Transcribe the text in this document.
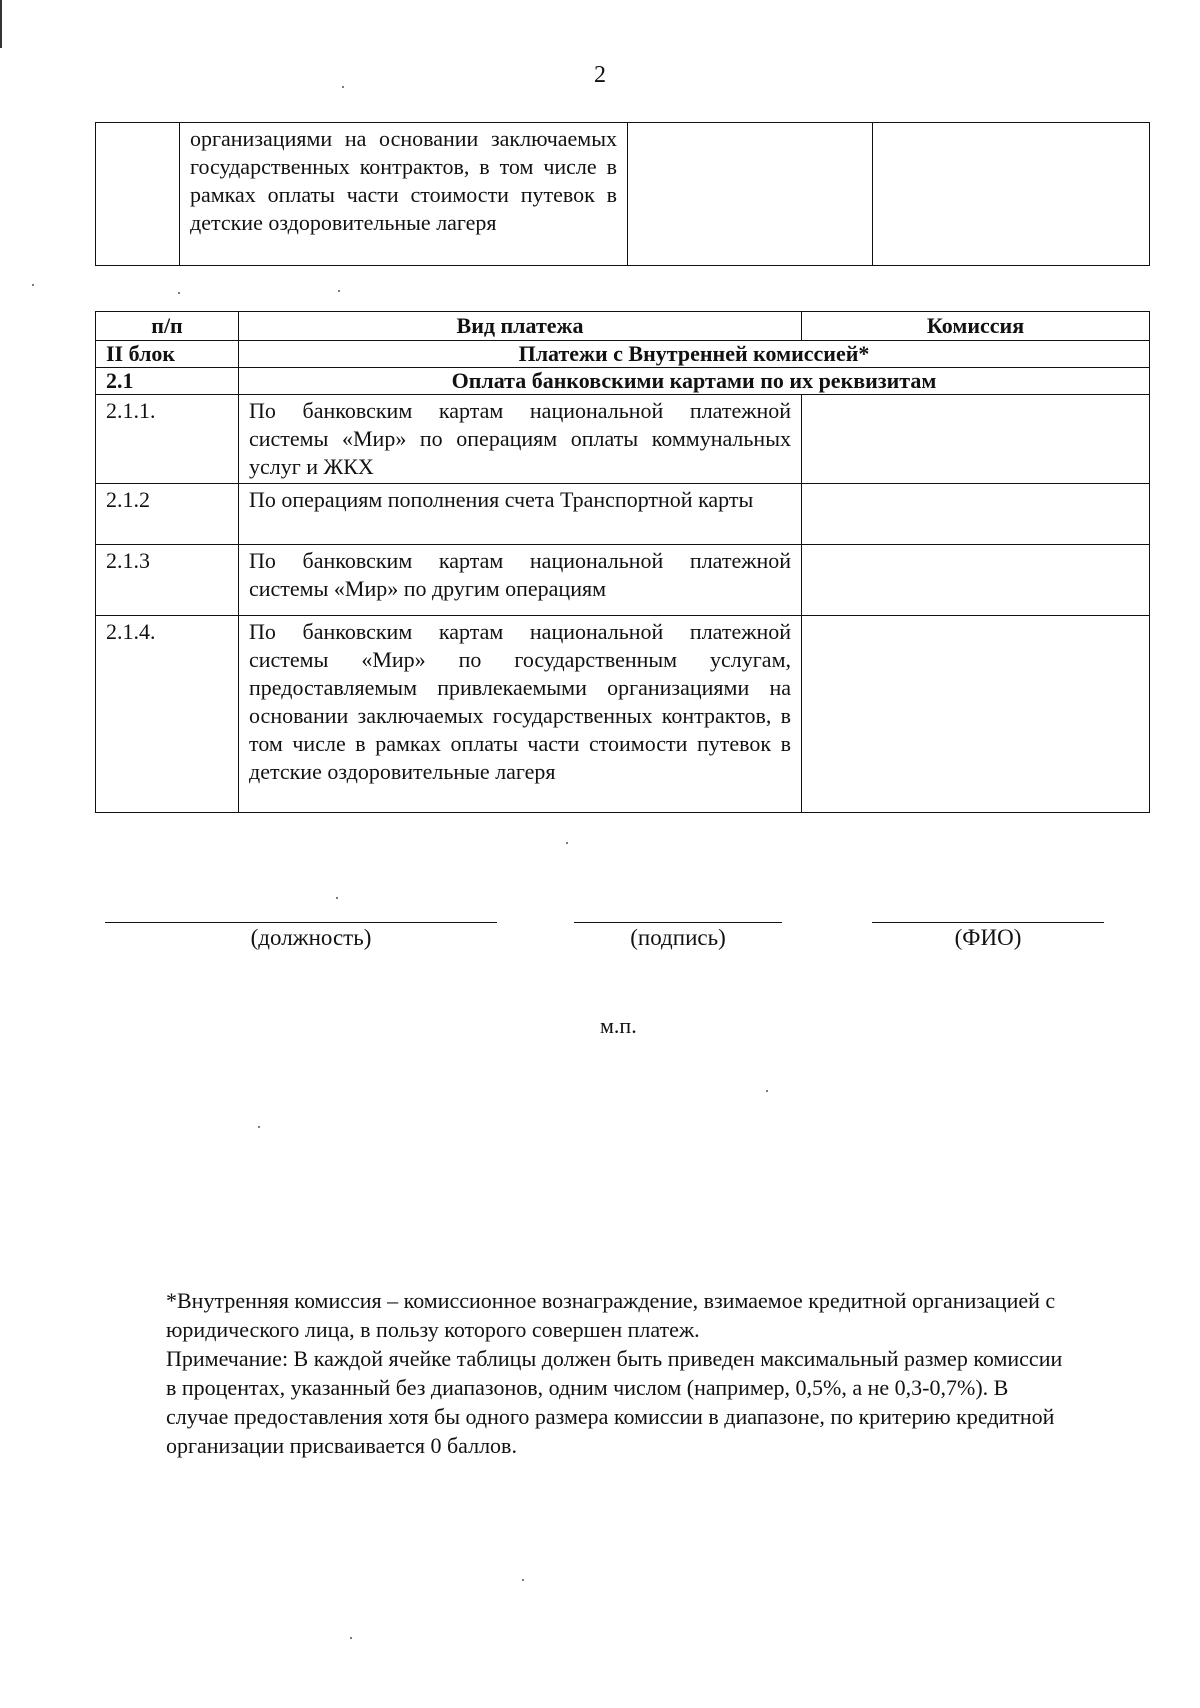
2
	организациями на основании заключаемых государственных контрактов, в том числе в рамках оплаты части стоимости путевок в детские оздоровительные лагеря		
п/п	Вид платежа	Комиссия
II блок	Платежи с Внутренней комиссией*	
2.1	Оплата банковскими картами по их реквизитам	
2.1.1.	По банковским картам национальной платежной системы «Мир» по операциям оплаты коммунальных услуг и ЖКХ	
2.1.2	По операциям пополнения счета Транспортной карты	
2.1.3	По банковским картам национальной платежной системы «Мир» по другим операциям	
2.1.4.	По банковским картам национальной платежной системы «Мир» по государственным услугам, предоставляемым привлекаемыми организациями на основании заключаемых государственных контрактов, в том числе в рамках оплаты части стоимости путевок в детские оздоровительные лагеря	
(должность)	(подпись)	(ФИО)
м.п.

*Внутренняя комиссия – комиссионное вознаграждение, взимаемое кредитной организацией с юридического лица, в пользу которого совершен платеж.

Примечание: В каждой ячейке таблицы должен быть приведен максимальный размер комиссии в процентах, указанный без диапазонов, одним числом (например, 0,5%, а не 0,3-0,7%). В случае предоставления хотя бы одного размера комиссии в диапазоне, по критерию кредитной организации присваивается 0 баллов.
